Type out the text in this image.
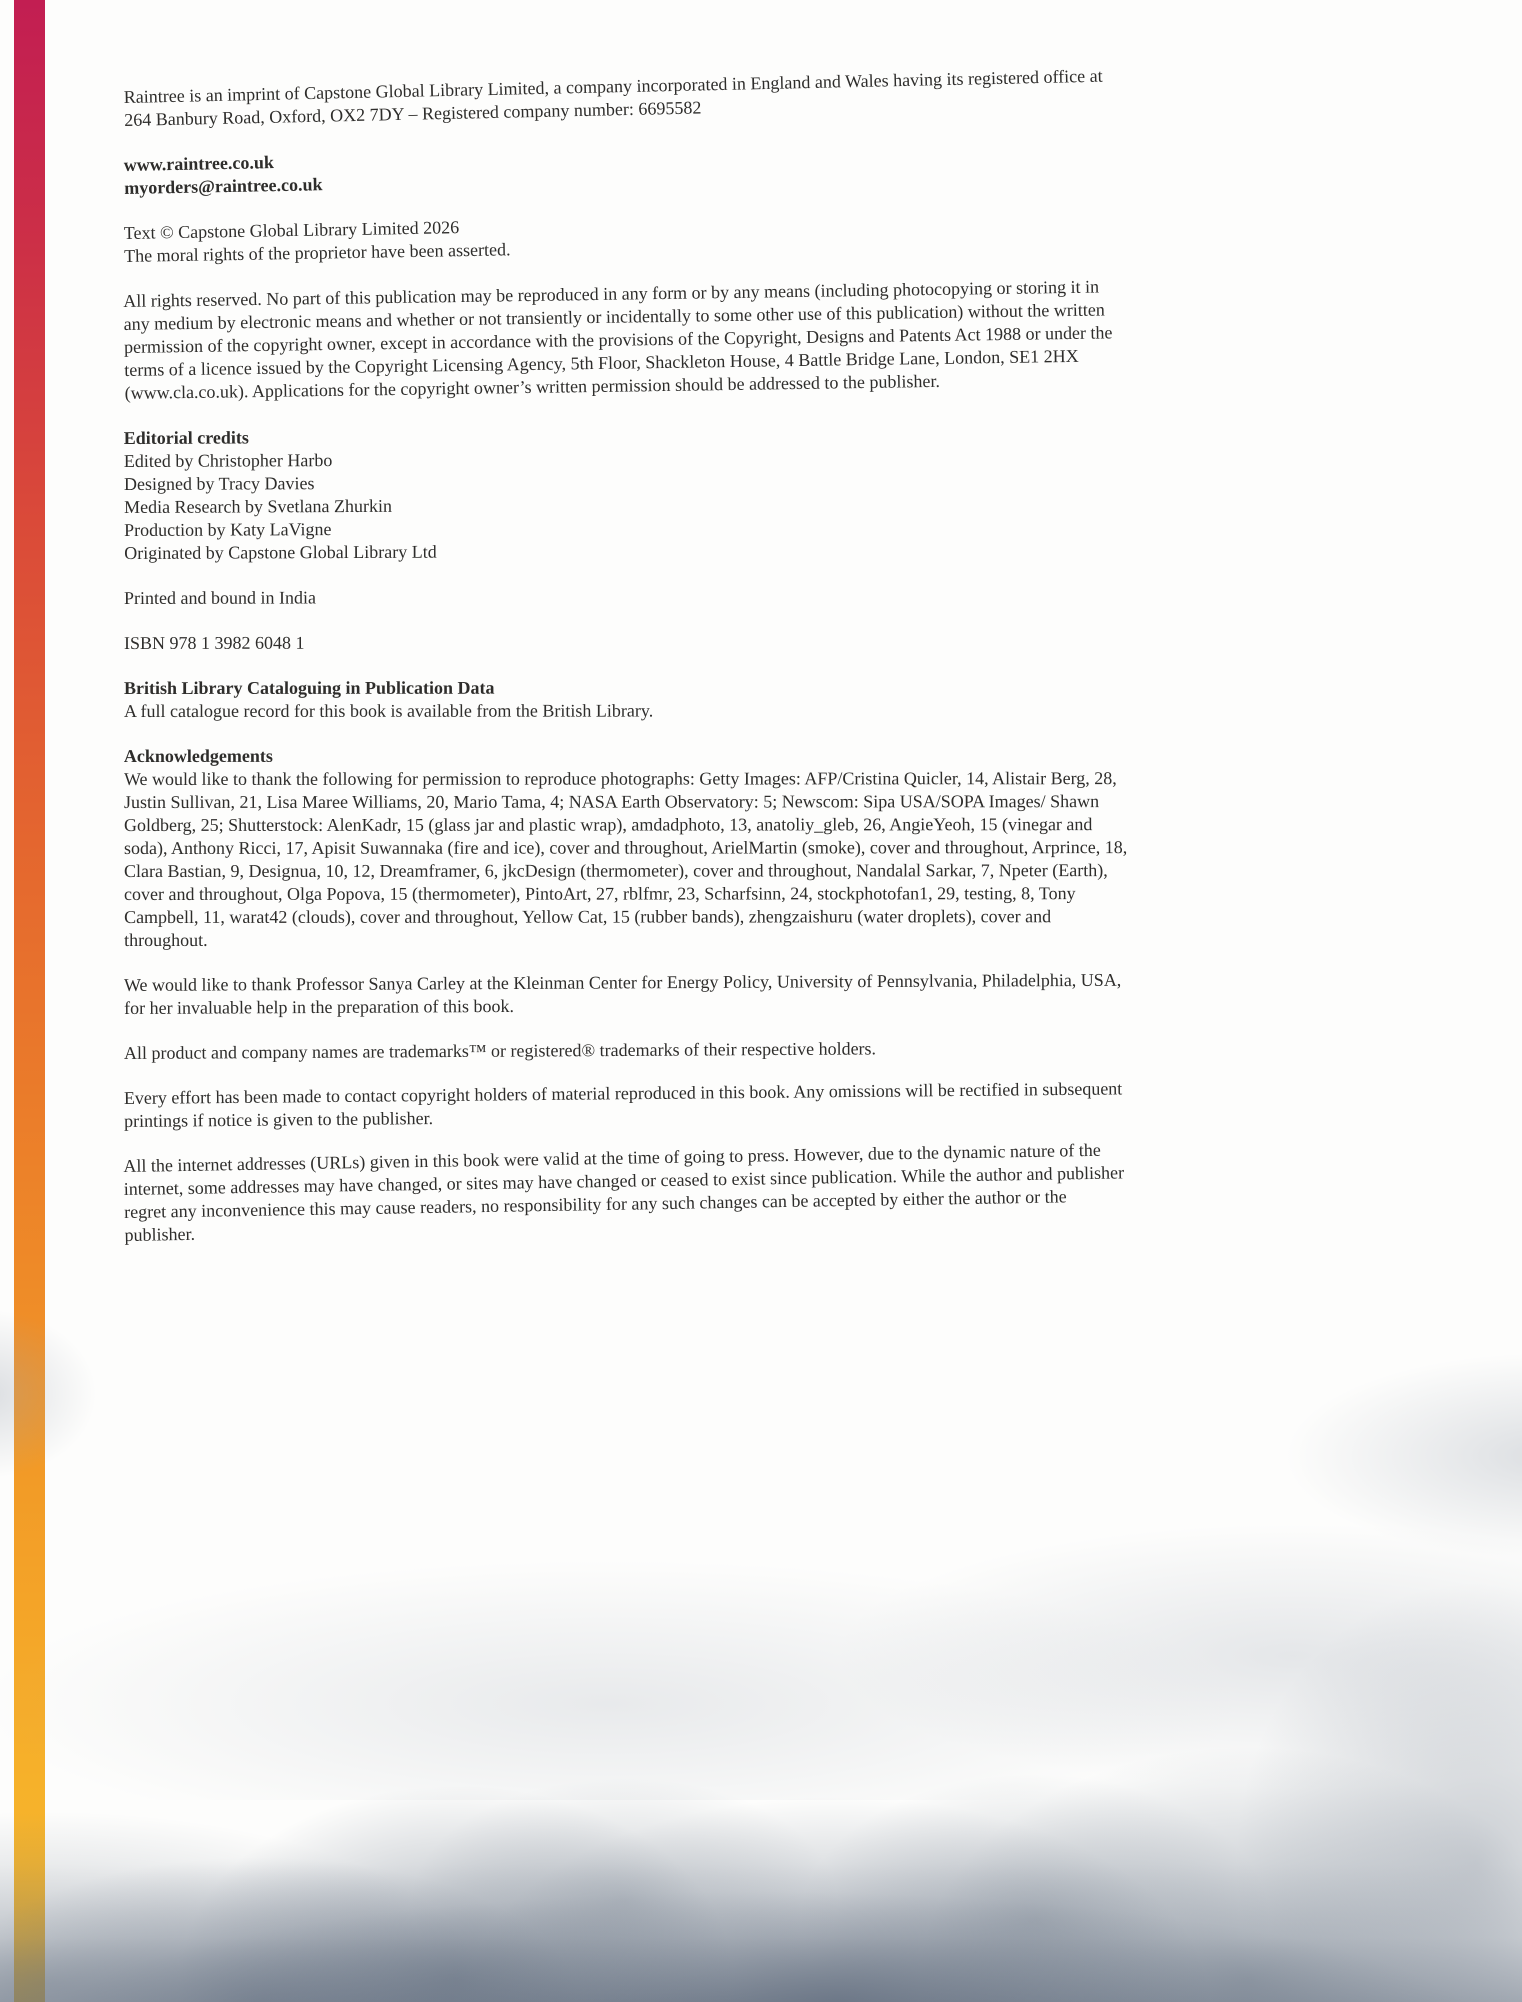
Raintree is an imprint of Capstone Global Library Limited, a company incorporated in England and Wales having its registered office at 264 Banbury Road, Oxford, OX2 7DY – Registered company number: 6695582

www.raintree.co.uk
myorders@raintree.co.uk
Text © Capstone Global Library Limited 2026
The moral rights of the proprietor have been asserted.

All rights reserved. No part of this publication may be reproduced in any form or by any means (including photocopying or storing it in any medium by electronic means and whether or not transiently or incidentally to some other use of this publication) without the written permission of the copyright owner, except in accordance with the provisions of the Copyright, Designs and Patents Act 1988 or under the terms of a licence issued by the Copyright Licensing Agency, 5th Floor, Shackleton House, 4 Battle Bridge Lane, London, SE1 2HX (www.cla.co.uk). Applications for the copyright owner’s written permission should be addressed to the publisher.

Editorial credits
Edited by Christopher Harbo
Designed by Tracy Davies
Media Research by Svetlana Zhurkin
Production by Katy LaVigne
Originated by Capstone Global Library Ltd

Printed and bound in India

ISBN 978 1 3982 6048 1

British Library Cataloguing in Publication Data
A full catalogue record for this book is available from the British Library.
Acknowledgements
We would like to thank the following for permission to reproduce photographs: Getty Images: AFP/Cristina Quicler, 14, Alistair Berg, 28, Justin Sullivan, 21, Lisa Maree Williams, 20, Mario Tama, 4; NASA Earth Observatory: 5; Newscom: Sipa USA/SOPA Images/ Shawn Goldberg, 25; Shutterstock: AlenKadr, 15 (glass jar and plastic wrap), amdadphoto, 13, anatoliy_gleb, 26, AngieYeoh, 15 (vinegar and soda), Anthony Ricci, 17, Apisit Suwannaka (fire and ice), cover and throughout, ArielMartin (smoke), cover and throughout, Arprince, 18, Clara Bastian, 9, Designua, 10, 12, Dreamframer, 6, jkcDesign (thermometer), cover and throughout, Nandalal Sarkar, 7, Npeter (Earth), cover and throughout, Olga Popova, 15 (thermometer), PintoArt, 27, rblfmr, 23, Scharfsinn, 24, stockphotofan1, 29, testing, 8, Tony Campbell, 11, warat42 (clouds), cover and throughout, Yellow Cat, 15 (rubber bands), zhengzaishuru (water droplets), cover and throughout.

We would like to thank Professor Sanya Carley at the Kleinman Center for Energy Policy, University of Pennsylvania, Philadelphia, USA, for her invaluable help in the preparation of this book.

All product and company names are trademarks™ or registered® trademarks of their respective holders.

Every effort has been made to contact copyright holders of material reproduced in this book. Any omissions will be rectified in subsequent printings if notice is given to the publisher.

All the internet addresses (URLs) given in this book were valid at the time of going to press. However, due to the dynamic nature of the internet, some addresses may have changed, or sites may have changed or ceased to exist since publication. While the author and publisher regret any inconvenience this may cause readers, no responsibility for any such changes can be accepted by either the author or the publisher.
